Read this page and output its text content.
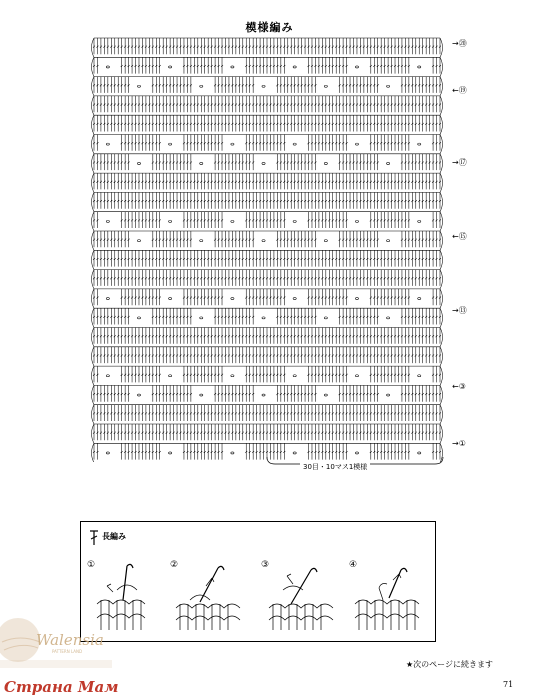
模様編み
→⑳
←⑲
→⑰
←⑮
→⑬
←③
→①
30目・10マス1模様
長編み
①	②	③	④
Walensia
PATTERN LAND
Страна Мам
★次のページに続きます
71
